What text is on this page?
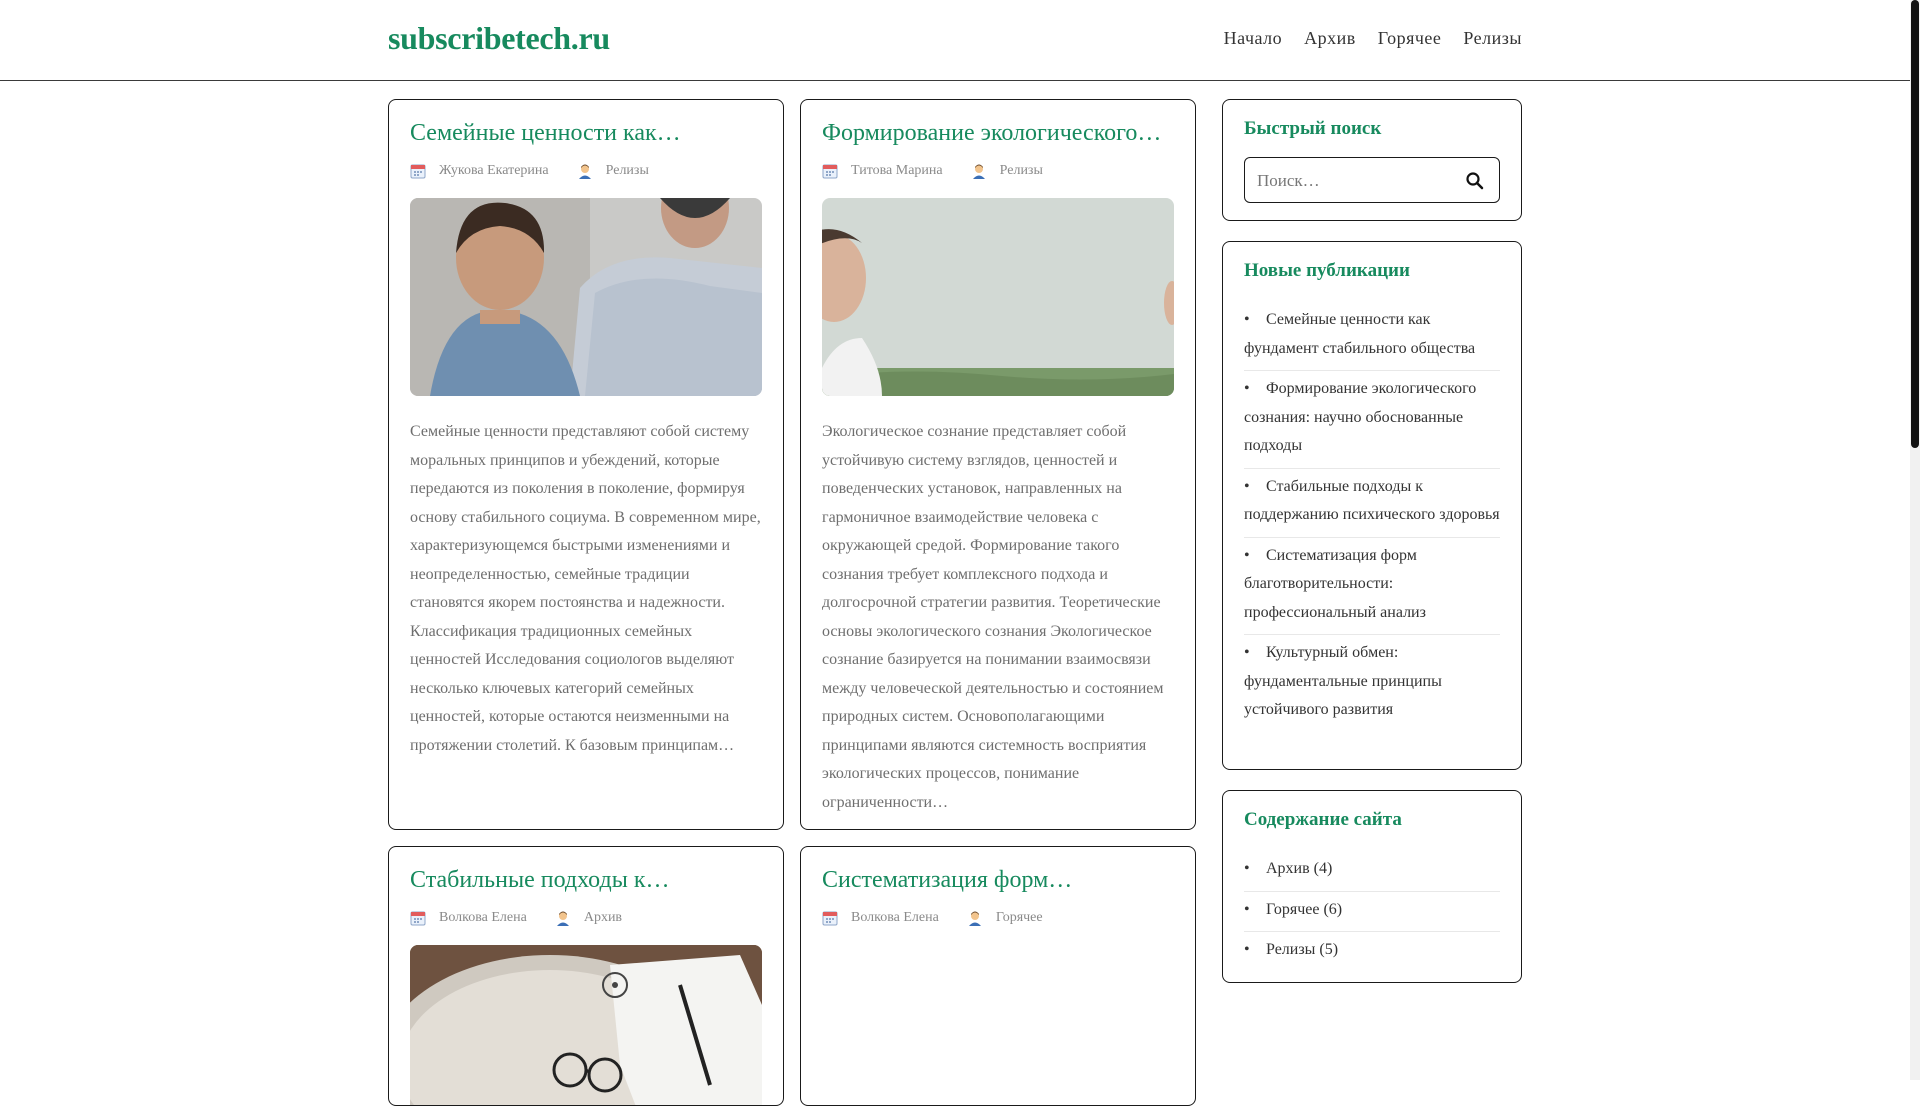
subscribetech.ru	Начало Архив Горячее Релизы
Семейные ценности как…
Жукова Екатерина	Релизы

Семейные ценности представляют собой систему моральных принципов и убеждений, которые передаются из поколения в поколение, формируя основу стабильного социума. В современном мире, характеризующемся быстрыми изменениями и неопределенностью, семейные традиции становятся якорем постоянства и надежности. Классификация традиционных семейных ценностей Исследования социологов выделяют несколько ключевых категорий семейных ценностей, которые остаются неизменными на протяжении столетий. К базовым принципам…

Формирование экологического…
Титова Марина	Релизы

Экологическое сознание представляет собой устойчивую систему взглядов, ценностей и поведенческих установок, направленных на гармоничное взаимодействие человека с окружающей средой. Формирование такого сознания требует комплексного подхода и долгосрочной стратегии развития. Теоретические основы экологического сознания Экологическое сознание базируется на понимании взаимосвязи между человеческой деятельностью и состоянием природных систем. Основополагающими принципами являются системность восприятия экологических процессов, понимание ограниченности…

Стабильные подходы к…
Волкова Елена	Архив
Систематизация форм…
Волкова Елена	Горячее
Быстрый поиск
Поиск…
Новые публикации
• Семейные ценности как фундамент стабильного общества
• Формирование экологического сознания: научно обоснованные подходы
• Стабильные подходы к поддержанию психического здоровья
• Систематизация форм благотворительности: профессиональный анализ
• Культурный обмен: фундаментальные принципы устойчивого развития
Содержание сайта
• Архив (4)
• Горячее (6)
• Релизы (5)
